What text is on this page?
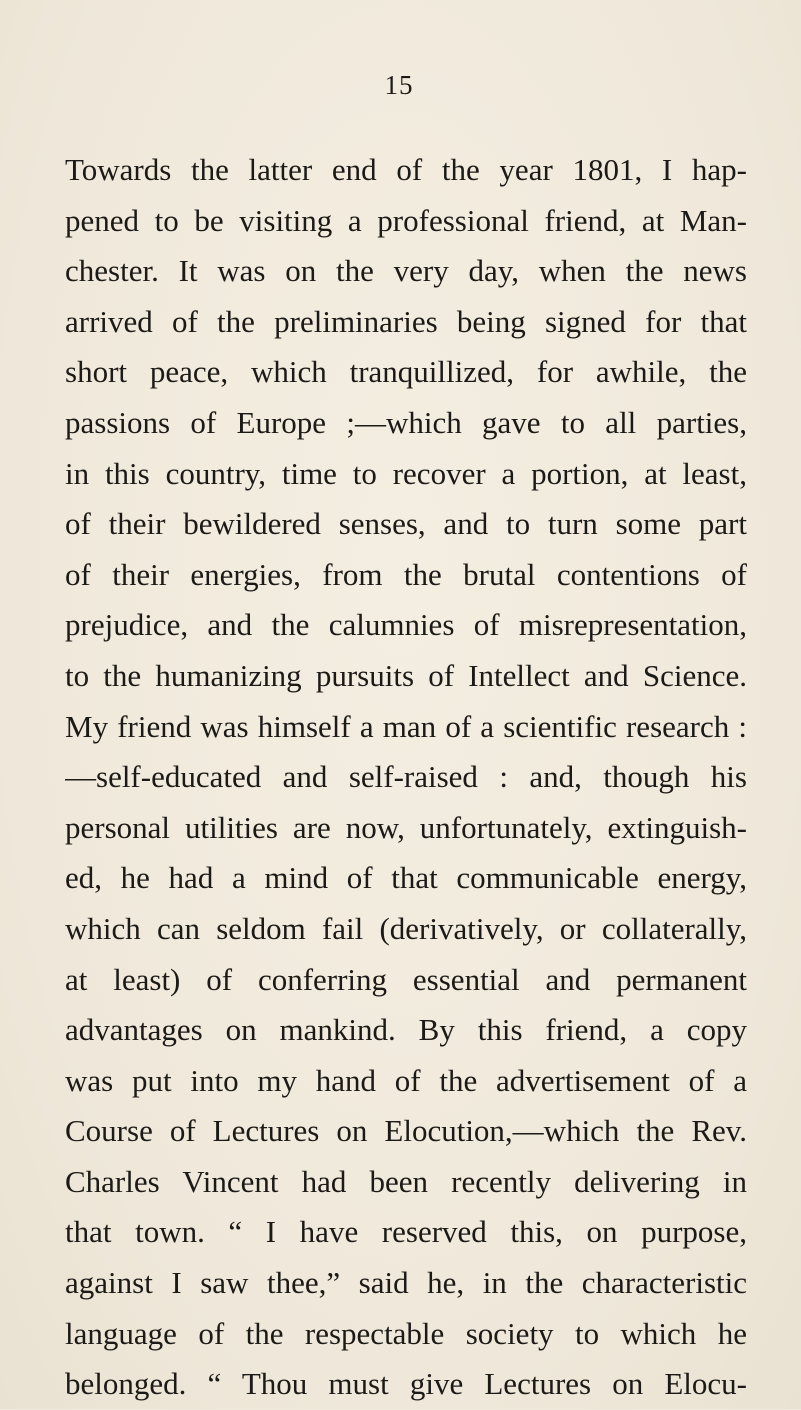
15
Towards the latter end of the year 1801, I hap-
pened to be visiting a professional friend, at Man-
chester. It was on the very day, when the news
arrived of the preliminaries being signed for that
short peace, which tranquillized, for awhile, the
passions of Europe ;—which gave to all parties,
in this country, time to recover a portion, at least,
of their bewildered senses, and to turn some part
of their energies, from the brutal contentions of
prejudice, and the calumnies of misrepresentation,
to the humanizing pursuits of Intellect and Science.
My friend was himself a man of a scientific research :
—self-educated and self-raised : and, though his
personal utilities are now, unfortunately, extinguish-
ed, he had a mind of that communicable energy,
which can seldom fail (derivatively, or collaterally,
at least) of conferring essential and permanent
advantages on mankind. By this friend, a copy
was put into my hand of the advertisement of a
Course of Lectures on Elocution,—which the Rev.
Charles Vincent had been recently delivering in
that town. “ I have reserved this, on purpose,
against I saw thee,” said he, in the characteristic
language of the respectable society to which he
belonged. “ Thou must give Lectures on Elocu-
